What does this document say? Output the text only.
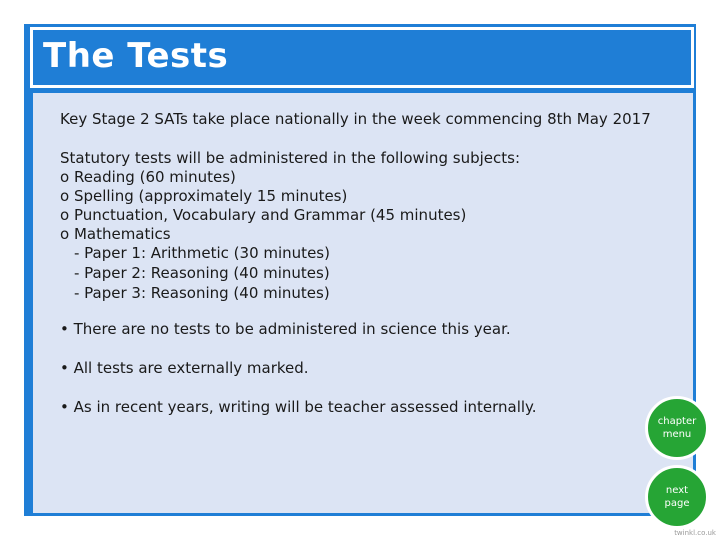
The Tests
Key Stage 2 SATs take place nationally in the week commencing 8th May 2017
Statutory tests will be administered in the following subjects:
o Reading (60 minutes)
o Spelling (approximately 15 minutes)
o Punctuation, Vocabulary and Grammar (45 minutes)
o Mathematics
- Paper 1: Arithmetic (30 minutes)
- Paper 2: Reasoning (40 minutes)
- Paper 3: Reasoning (40 minutes)
• There are no tests to be administered in science this year.
• All tests are externally marked.
• As in recent years, writing will be teacher assessed internally.
chapter
menu
next
page
twinkl.co.uk
